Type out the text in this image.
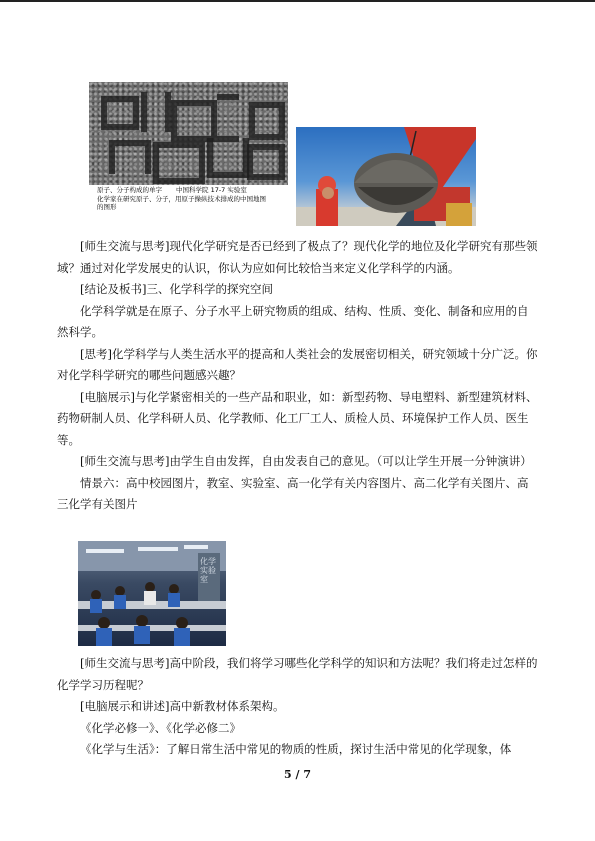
原子、分子构成的单字 中国科学院 17-7 实验室
化学家在研究原子、分子，用原子操纵技术排成的中国地图
的图形

[师生交流与思考]现代化学研究是否已经到了极点了？现代化学的地位及化学研究有那些领域？通过对化学发展史的认识，你认为应如何比较恰当来定义化学科学的内涵。

[结论及板书]三、化学科学的探究空间

化学科学就是在原子、分子水平上研究物质的组成、结构、性质、变化、制备和应用的自然科学。

[思考]化学科学与人类生活水平的提高和人类社会的发展密切相关，研究领域十分广泛。你对化学科学研究的哪些问题感兴趣？

[电脑展示]与化学紧密相关的一些产品和职业，如：新型药物、导电塑料、新型建筑材料、药物研制人员、化学科研人员、化学教师、化工厂工人、质检人员、环境保护工作人员、医生等。

[师生交流与思考]由学生自由发挥，自由发表自己的意见。（可以让学生开展一分钟演讲）

情景六：高中校园图片，教室、实验室、高一化学有关内容图片、高二化学有关图片、高三化学有关图片

化学实验室

[师生交流与思考]高中阶段，我们将学习哪些化学科学的知识和方法呢？我们将走过怎样的化学学习历程呢？

[电脑展示和讲述]高中新教材体系架构。

《化学必修一》、《化学必修二》

《化学与生活》：了解日常生活中常见的物质的性质，探讨生活中常见的化学现象，体

5 / 7
